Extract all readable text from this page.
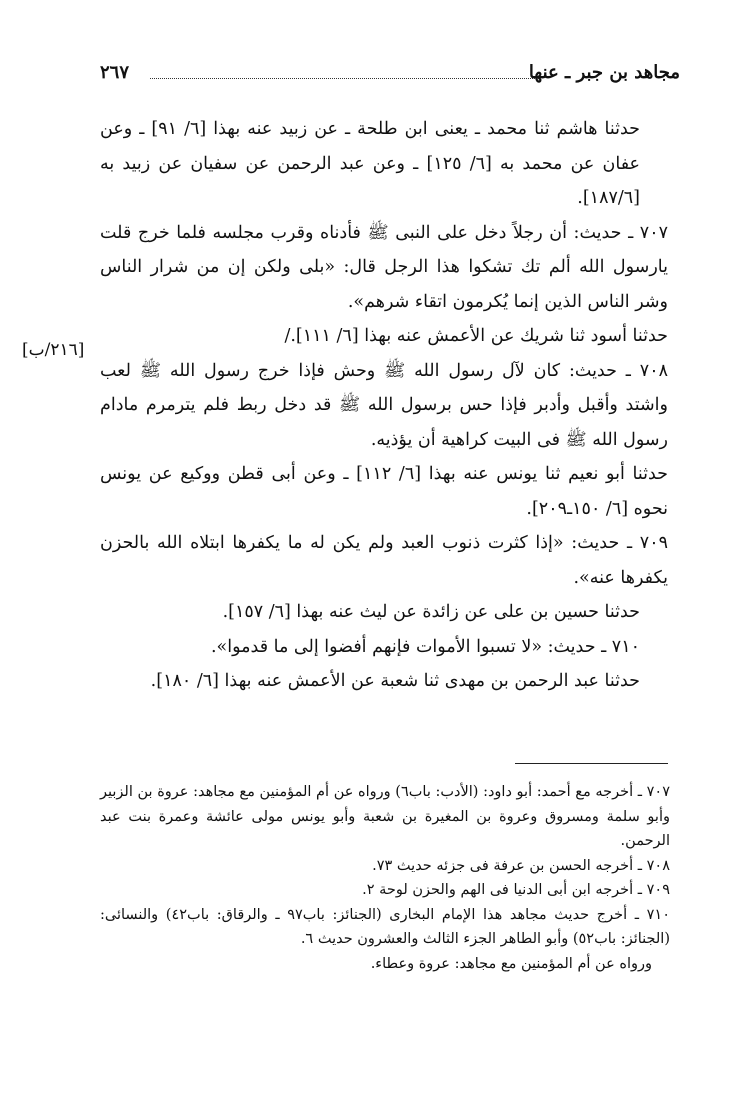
مجاهد بن جبر ـ عنها
٢٦٧
[٢١٦/ب]

حدثنا هاشم ثنا محمد ـ يعنى ابن طلحة ـ عن زبيد عنه بهذا [٦/ ٩١] ـ وعن عفان عن محمد به [٦/ ١٢٥] ـ وعن عبد الرحمن عن سفيان عن زبيد به [١٨٧/٦].

٧٠٧ ـ حديث: أن رجلاً دخل على النبى ﷺ فأدناه وقرب مجلسه فلما خرج قلت يارسول الله ألم تك تشكوا هذا الرجل قال: «بلى ولكن إن من شرار الناس وشر الناس الذين إنما يُكرمون اتقاء شرهم».

حدثنا أسود ثنا شريك عن الأعمش عنه بهذا [٦/ ١١١]./

٧٠٨ ـ حديث: كان لآل رسول الله ﷺ وحش فإذا خرج رسول الله ﷺ لعب واشتد وأقبل وأدبر فإذا حس برسول الله ﷺ قد دخل ربط فلم يترمرم مادام رسول الله ﷺ فى البيت كراهية أن يؤذيه.

حدثنا أبو نعيم ثنا يونس عنه بهذا [٦/ ١١٢] ـ وعن أبى قطن ووكيع عن يونس نحوه [٦/ ١٥٠ـ٢٠٩].

٧٠٩ ـ حديث: «إذا كثرت ذنوب العبد ولم يكن له ما يكفرها ابتلاه الله بالحزن يكفرها عنه».

حدثنا حسين بن على عن زائدة عن ليث عنه بهذا [٦/ ١٥٧].

٧١٠ ـ حديث: «لا تسبوا الأموات فإنهم أفضوا إلى ما قدموا».

حدثنا عبد الرحمن بن مهدى ثنا شعبة عن الأعمش عنه بهذا [٦/ ١٨٠].

٧٠٧ ـ أخرجه مع أحمد: أبو داود: (الأدب: باب٦) ورواه عن أم المؤمنين مع مجاهد: عروة بن الزبير وأبو سلمة ومسروق وعروة بن المغيرة بن شعبة وأبو يونس مولى عائشة وعمرة بنت عبد الرحمن.

٧٠٨ ـ أخرجه الحسن بن عرفة فى جزئه حديث ٧٣.

٧٠٩ ـ أخرجه ابن أبى الدنيا فى الهم والحزن لوحة ٢.

٧١٠ ـ أخرج حديث مجاهد هذا الإمام البخارى (الجنائز: باب٩٧ ـ والرقاق: باب٤٢) والنسائى: (الجنائز: باب٥٢) وأبو الطاهر الجزء الثالث والعشرون حديث ٦.

ورواه عن أم المؤمنين مع مجاهد: عروة وعطاء.
